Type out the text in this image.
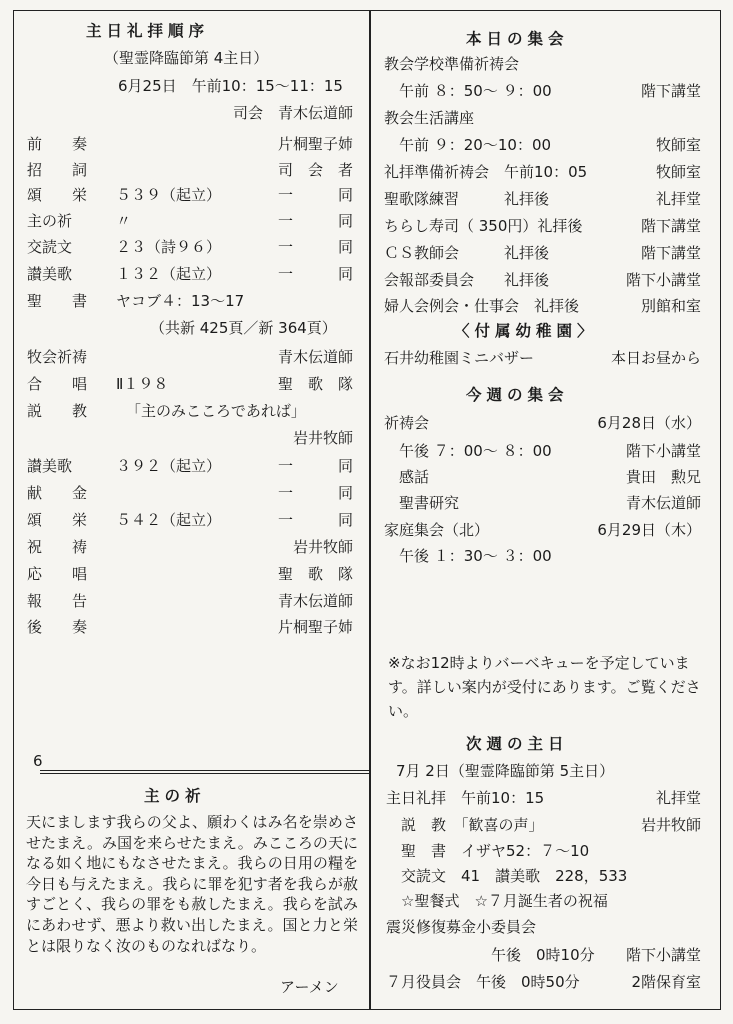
主日礼拝順序
（聖霊降臨節第 4主日）
6月25日　午前10：15〜11：15
司会　青木伝道師
前　　奏	片桐聖子姉
招　　詞	司　会　者
頌　　栄 ５３９（起立）	一　　　同
主の祈	〃	一　　　同
交読文	２３（詩９６）	一　　　同
讃美歌	１３２（起立）	一　　　同
聖　　書 ヤコブ４：13〜17
（共新 425頁／新 364頁）
牧会祈祷	青木伝道師
合　　唱 Ⅱ１９８	聖　歌　隊
説　　教	「主のみこころであれば」
岩井牧師
讃美歌	３９２（起立）	一　　　同
献　　金	一　　　同
頌　　栄 ５４２（起立）	一　　　同
祝　　祷	岩井牧師
応　　唱	聖　歌　隊
報　　告	青木伝道師
後　　奏	片桐聖子姉
6
主の祈
天にまします我らの父よ、願わくはみ名を崇めさせたまえ。み国を来らせたまえ。みこころの天になる如く地にもなさせたまえ。我らの日用の糧を今日も与えたまえ。我らに罪を犯す者を我らが赦すごとく、我らの罪をも赦したまえ。我らを試みにあわせず、悪より救い出したまえ。国と力と栄とは限りなく汝のものなればなり。
アーメン
本日の集会
教会学校準備祈祷会
　午前 ８：50〜 ９：00	階下講堂
教会生活講座
　午前 ９：20〜10：00	牧師室
礼拝準備祈祷会　午前10：05	牧師室
聖歌隊練習　　　礼拝後	礼拝堂
ちらし寿司（ 350円）礼拝後	階下講堂
ＣＳ教師会　　　礼拝後	階下講堂
会報部委員会　　礼拝後	階下小講堂
婦人会例会・仕事会　礼拝後	別館和室
〈付属幼稚園〉
石井幼稚園ミニバザー	本日お昼から
今週の集会
祈祷会	6月28日（水）
　午後 ７：00〜 ８：00	階下小講堂
　感話	貴田　勲兄
　聖書研究	青木伝道師
家庭集会（北）	6月29日（木）
　午後 １：30〜 ３：00
※なお12時よりバーベキューを予定しています。詳しい案内が受付にあります。ご覧ください。
次週の主日
7月 2日（聖霊降臨節第 5主日）
主日礼拝　午前10：15	礼拝堂
　説　教　「歓喜の声」	岩井牧師
　聖　書　イザヤ52：７〜10
　交読文　41　讃美歌　228，533
　☆聖餐式　☆７月誕生者の祝福
震災修復募金小委員会
　　　　　　　午後　0時10分 階下小講堂
７月役員会　午後　0時50分	2階保育室
